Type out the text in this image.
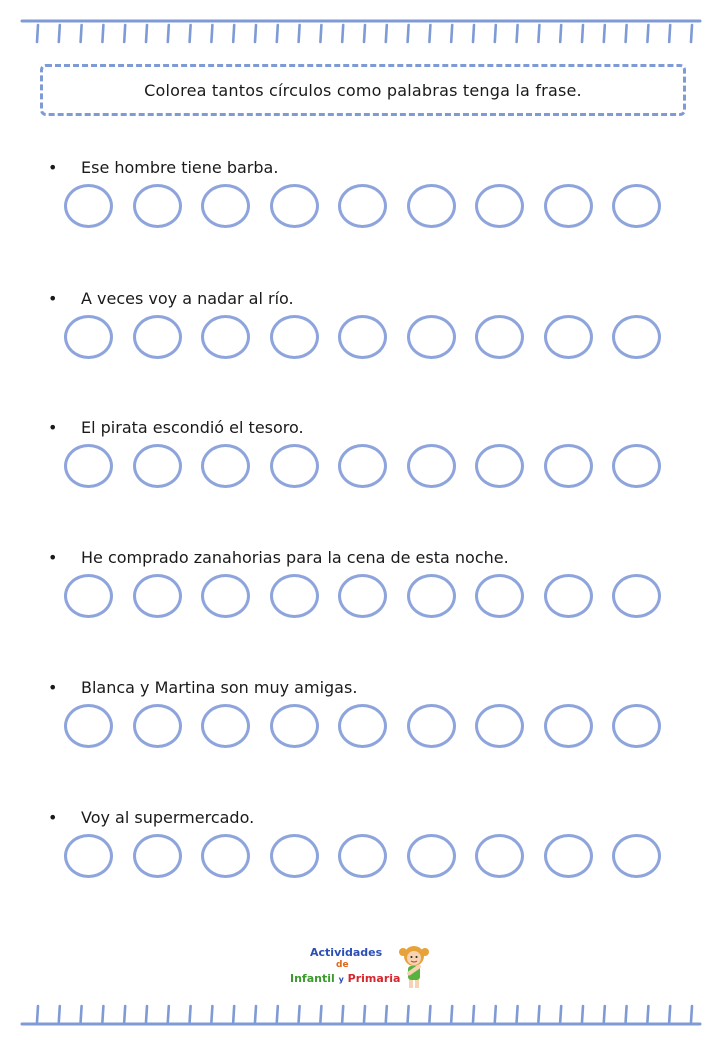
Colorea tantos círculos como palabras tenga la frase.
•	Ese hombre tiene barba.
•	A veces voy a nadar al río.
•	El pirata escondió el tesoro.
•	He comprado zanahorias para la cena de esta noche.
•	Blanca y Martina son muy amigas.
•	Voy al supermercado.
Actividades
de
Infantil y Primaria
